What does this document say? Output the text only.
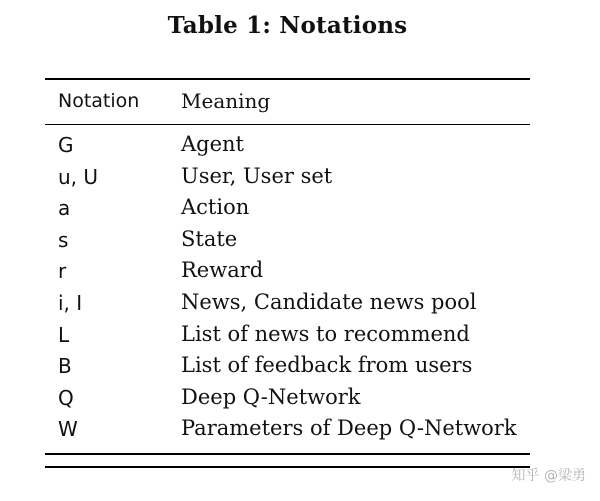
Table 1: Notations
Notation Meaning
G	Agent
u, U	User, User set
a	Action
s	State
r	Reward
i, I	News, Candidate news pool
L	List of news to recommend
B	List of feedback from users
Q	Deep Q-Network
W	Parameters of Deep Q-Network
知乎 @梁勇
